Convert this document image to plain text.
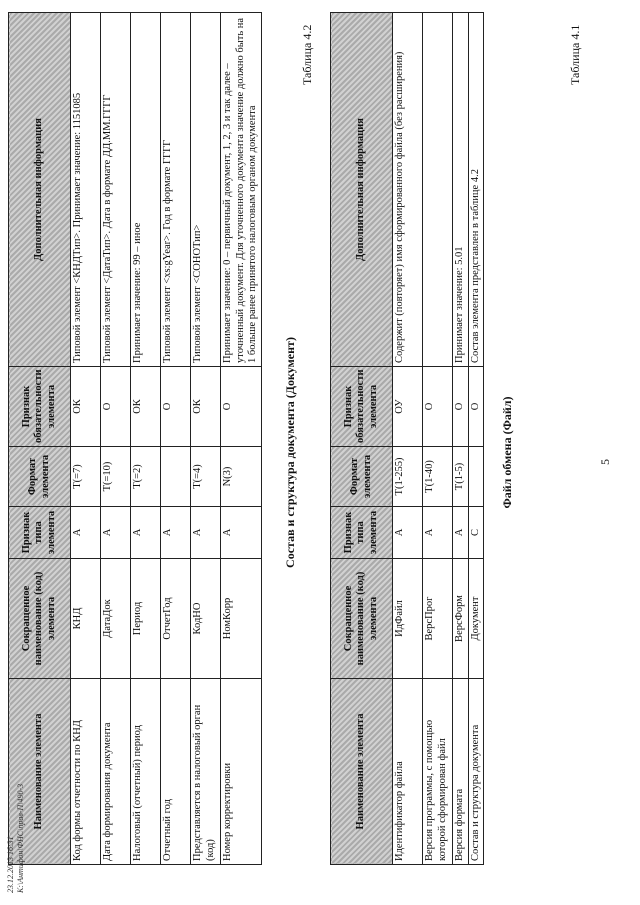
5
Таблица 4.1
Файл обмена (Файл)
Наименование элемента	Сокращенное наименование (код) элемента	Признак типа элемента	Формат элемента	Признак обязательности элемента	Дополнительная информация
Идентификатор файла	ИдФайл	А	T(1-255)	ОУ	Содержит (повторяет) имя сформированного файла (без расширения)
Версия программы, с помощью которой сформирован файл	ВерсПрог	А	T(1-40)	О	
Версия формата	ВерсФорм	А	T(1-5)	О	Принимает значение: 5.01
Состав и структура документа	Документ	С		О	Состав элемента представлен в таблице 4.2
Таблица 4.2
Состав и структура документа (Документ)
Наименование элемента	Сокращенное наименование (код) элемента	Признак типа элемента	Формат элемента	Признак обязательности элемента	Дополнительная информация
Код формы отчетности по КНД	КНД	А	T(=7)	ОК	Типовой элемент <КНДТип>. Принимает значение: 1151085
Дата формирования документа	ДатаДок	А	T(=10)	О	Типовой элемент <ДатаТип>. Дата в формате ДД.ММ.ГГГГ
Налоговый (отчетный) период	Период	А	T(=2)	ОК	Принимает значение: 99 – иное
Отчетный год	ОтчетГод	А		О	Типовой элемент <xs:gYear>. Год в формате ГГГГ
Представляется в налоговый орган (код)	КодНО	А	T(=4)	ОК	Типовой элемент <СОНОТип>
Номер корректировки	НомКорр	А	N(3)	О	Принимает значение: 0 – первичный документ, 1, 2, 3 и так далее – уточненный документ. Для уточненного документа значение должно быть на 1 больше ранее принятого налоговым органом документа
23.12.2013 16:31 К:\Антифон\ФНС\прав-П\490-3
